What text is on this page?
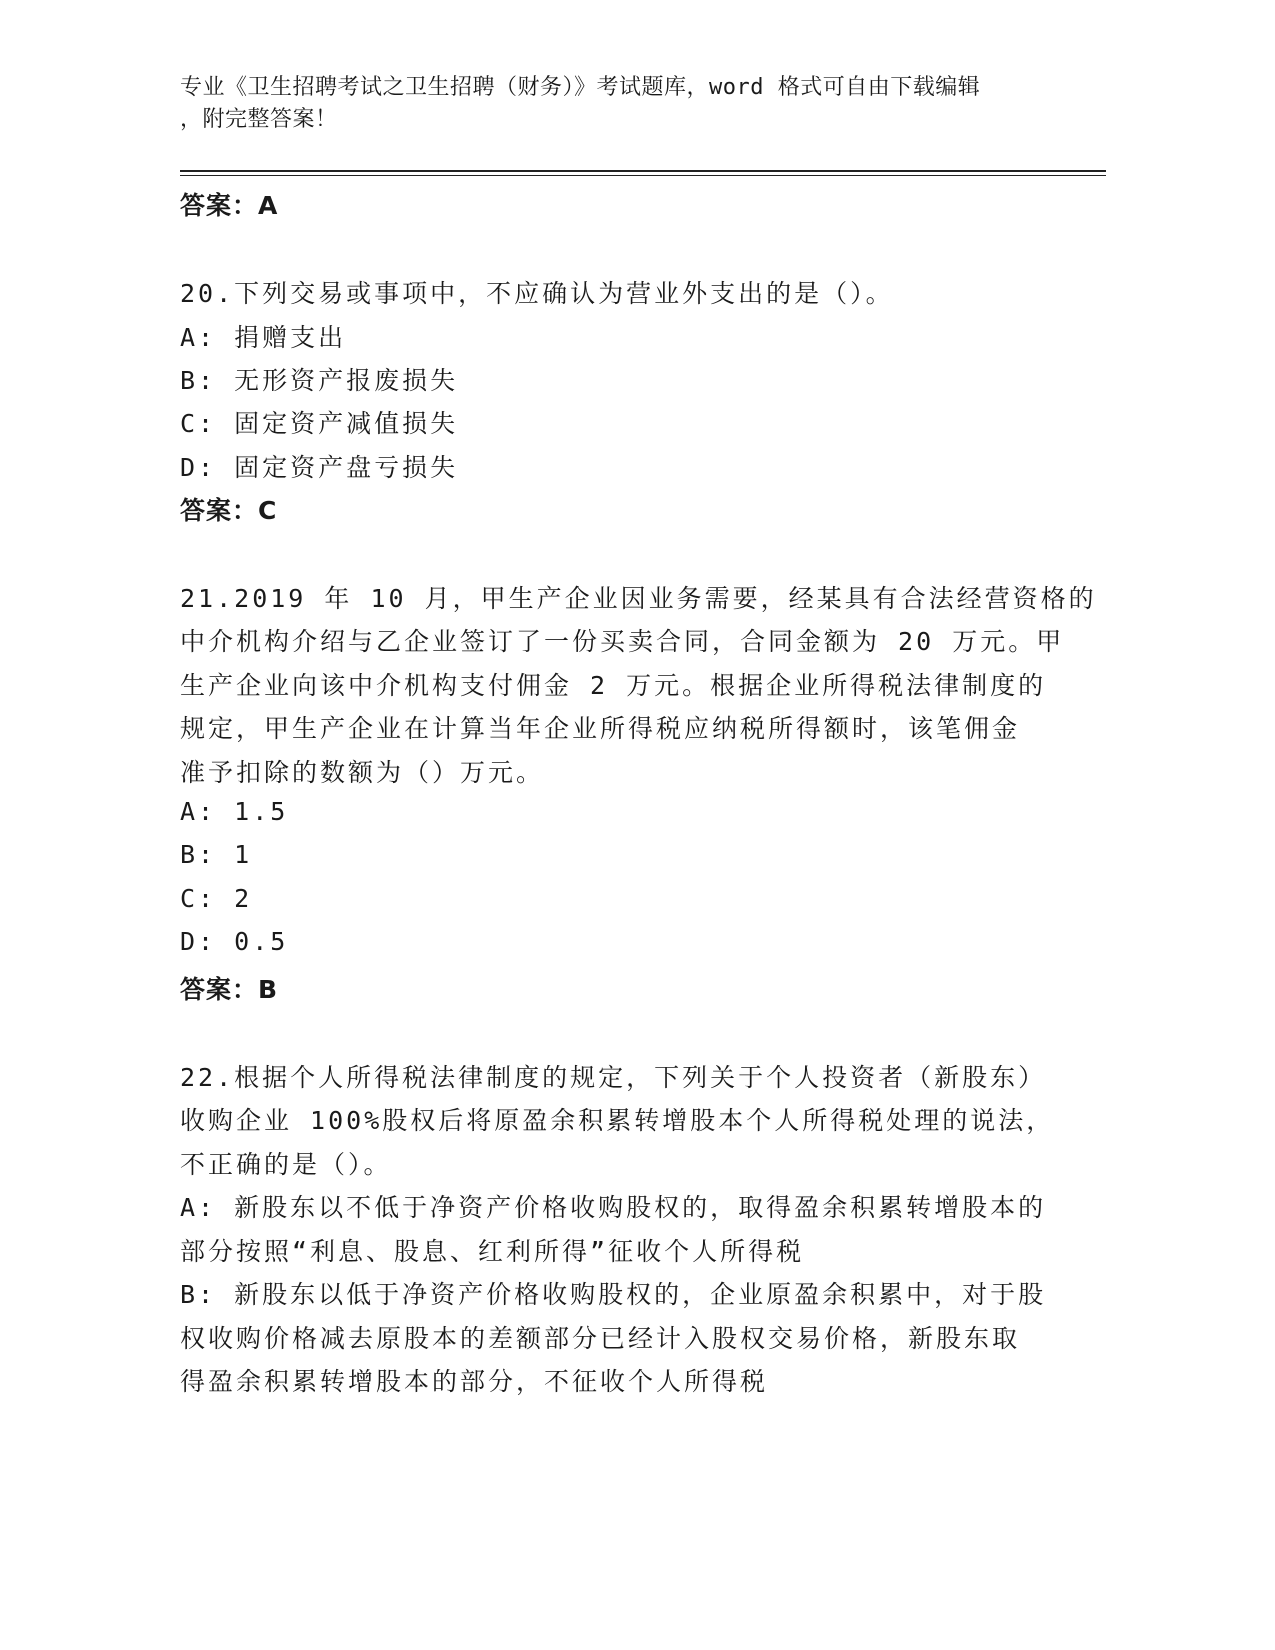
专业《卫生招聘考试之卫生招聘（财务）》考试题库，word 格式可自由下载编辑
，附完整答案！
答案：A
20.下列交易或事项中，不应确认为营业外支出的是（）。
A: 捐赠支出
B: 无形资产报废损失
C: 固定资产减值损失
D: 固定资产盘亏损失
答案：C
21.2019 年 10 月，甲生产企业因业务需要，经某具有合法经营资格的
中介机构介绍与乙企业签订了一份买卖合同，合同金额为 20 万元。甲
生产企业向该中介机构支付佣金 2 万元。根据企业所得税法律制度的
规定，甲生产企业在计算当年企业所得税应纳税所得额时，该笔佣金
准予扣除的数额为（）万元。
A: 1.5
B: 1
C: 2
D: 0.5
答案：B
22.根据个人所得税法律制度的规定，下列关于个人投资者（新股东）
收购企业 100%股权后将原盈余积累转增股本个人所得税处理的说法，
不正确的是（）。
A: 新股东以不低于净资产价格收购股权的，取得盈余积累转增股本的
部分按照“利息、股息、红利所得”征收个人所得税
B: 新股东以低于净资产价格收购股权的，企业原盈余积累中，对于股
权收购价格减去原股本的差额部分已经计入股权交易价格，新股东取
得盈余积累转增股本的部分，不征收个人所得税
